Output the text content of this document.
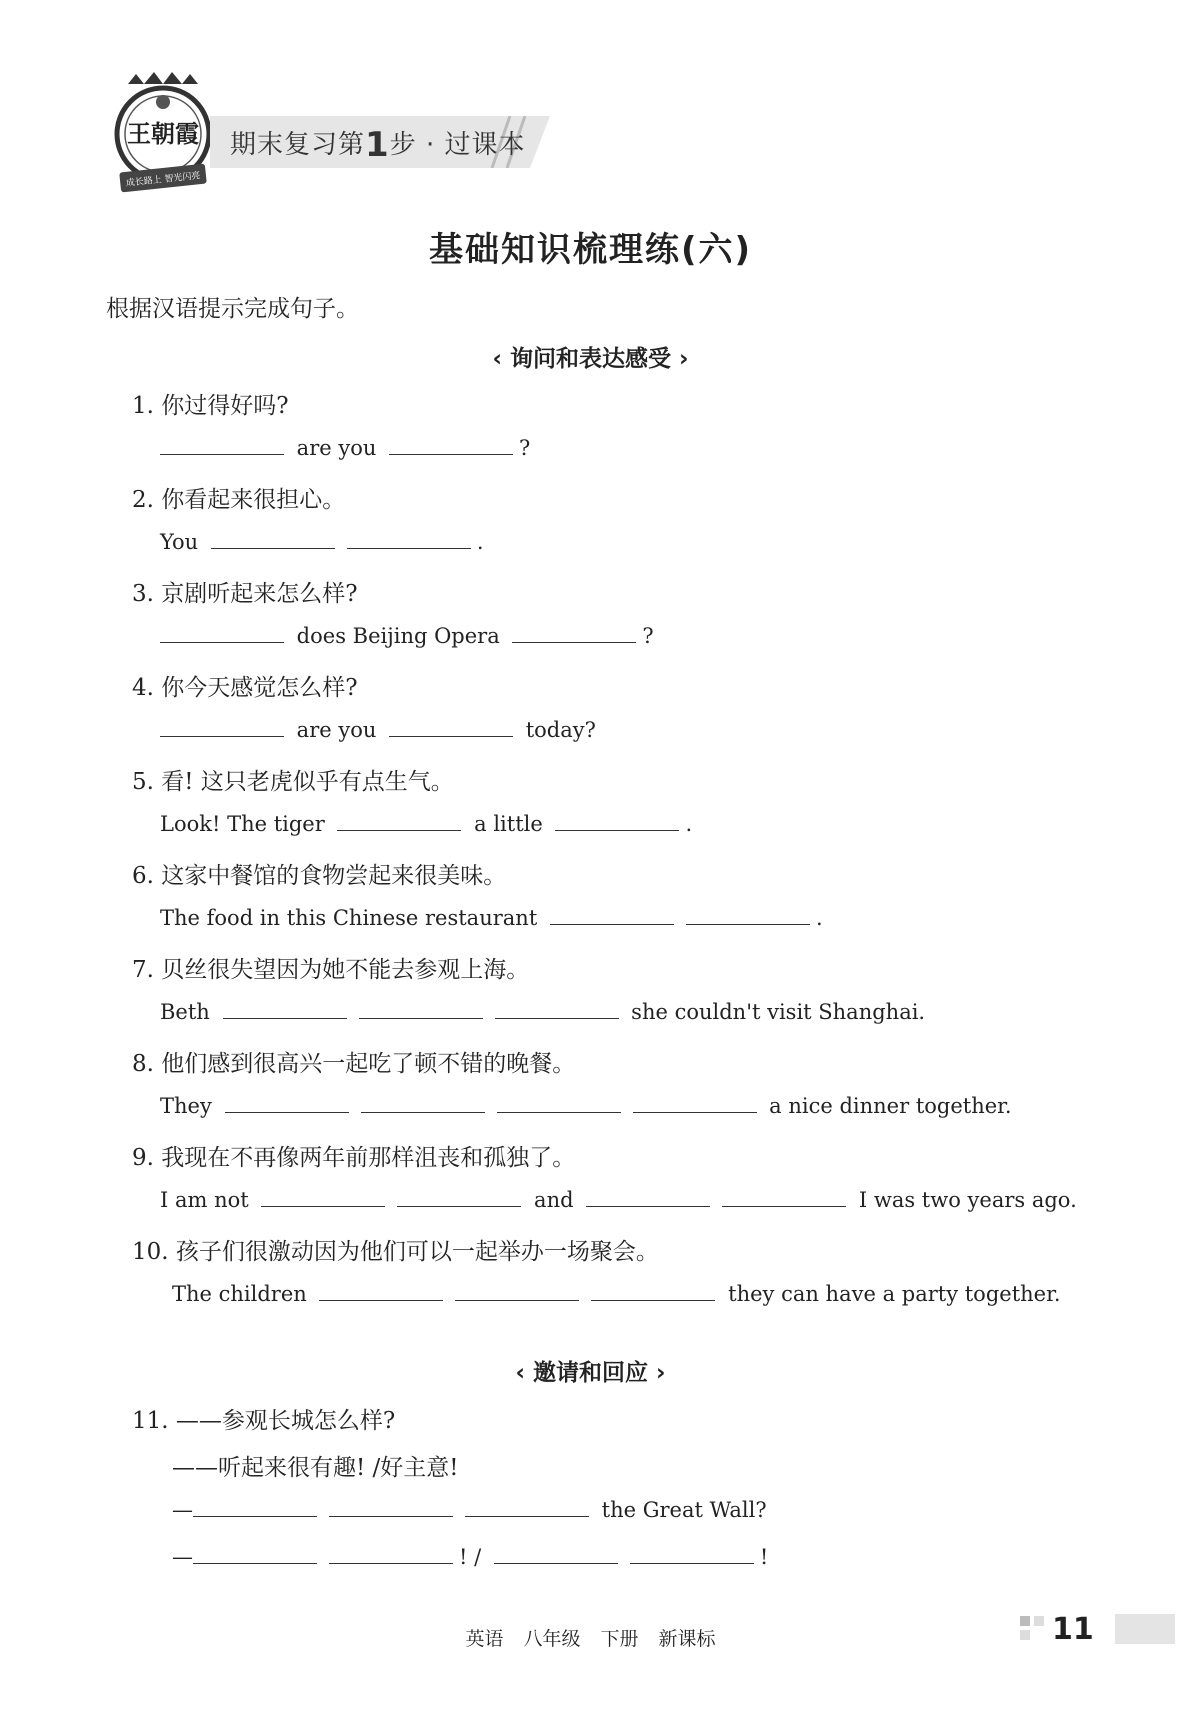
王朝霞
成长路上 智光闪亮
期末复习第1步 · 过课本
基础知识梳理练(六)
根据汉语提示完成句子。
‹ 询问和表达感受 ›
1. 你过得好吗?
are you	?
2. 你看起来很担心。
You	.
3. 京剧听起来怎么样?
does Beijing Opera	?
4. 你今天感觉怎么样?
are you	today?
5. 看! 这只老虎似乎有点生气。
Look! The tiger	a little	.
6. 这家中餐馆的食物尝起来很美味。
The food in this Chinese restaurant	.
7. 贝丝很失望因为她不能去参观上海。
Beth	she couldn't visit Shanghai.
8. 他们感到很高兴一起吃了顿不错的晚餐。
They	a nice dinner together.
9. 我现在不再像两年前那样沮丧和孤独了。
I am not	and	I was two years ago.
10. 孩子们很激动因为他们可以一起举办一场聚会。
The children	they can have a party together.
‹ 邀请和回应 ›
11. ——参观长城怎么样?
——听起来很有趣! /好主意!
—	the Great Wall?
—	! /	!
英语 八年级 下册 新课标	11
